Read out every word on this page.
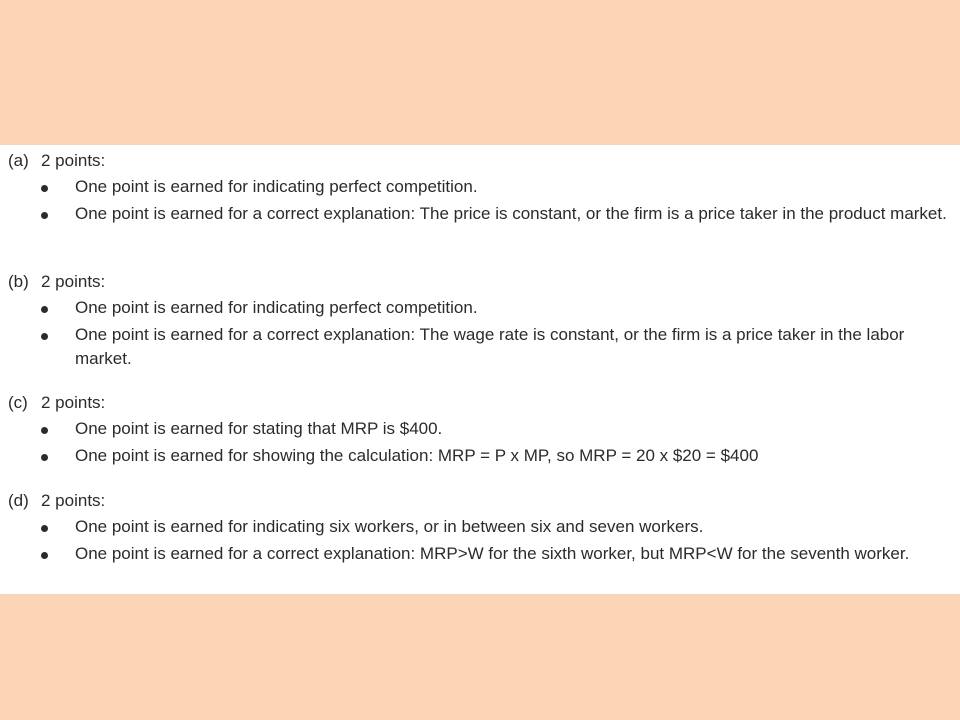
(a) 2 points:
One point is earned for indicating perfect competition.
One point is earned for a correct explanation: The price is constant, or the firm is a price taker in the product market.
(b) 2 points:
One point is earned for indicating perfect competition.
One point is earned for a correct explanation: The wage rate is constant, or the firm is a price taker in the labor market.
(c) 2 points:
One point is earned for stating that MRP is $400.
One point is earned for showing the calculation: MRP = P x MP, so MRP = 20 x $20 = $400
(d) 2 points:
One point is earned for indicating six workers, or in between six and seven workers.
One point is earned for a correct explanation: MRP>W for the sixth worker, but MRP<W for the seventh worker.
